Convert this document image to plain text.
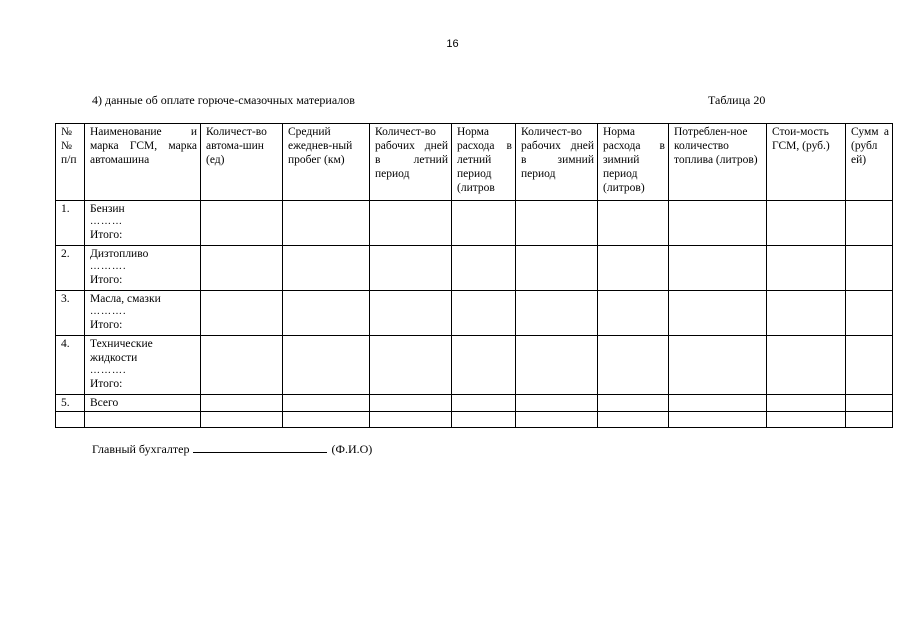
16
4) данные об оплате горюче-смазочных материалов	Таблица 20
№ № п/п	Наименование и марка ГСМ, марка автомашина	Количест-во автома-шин (ед)	Средний ежеднев-ный пробег (км)	Количест-во рабочих дней в летний период	Норма расхода в летний период (литров	Количест-во рабочих дней в зимний период	Норма расхода в зимний период (литров)	Потреблен-ное количество топлива (литров)	Стои-мость ГСМ, (руб.)	Сумм а (рубл ей)
1.	Бензин
………
Итого:									

2.	Дизтопливо
……….
Итого:									

3.	Масла, смазки
……….
Итого:									

4.	Технические
жидкости
……….
Итого:									

5.	Всего									

Главный бухгалтер	(Ф.И.О)
